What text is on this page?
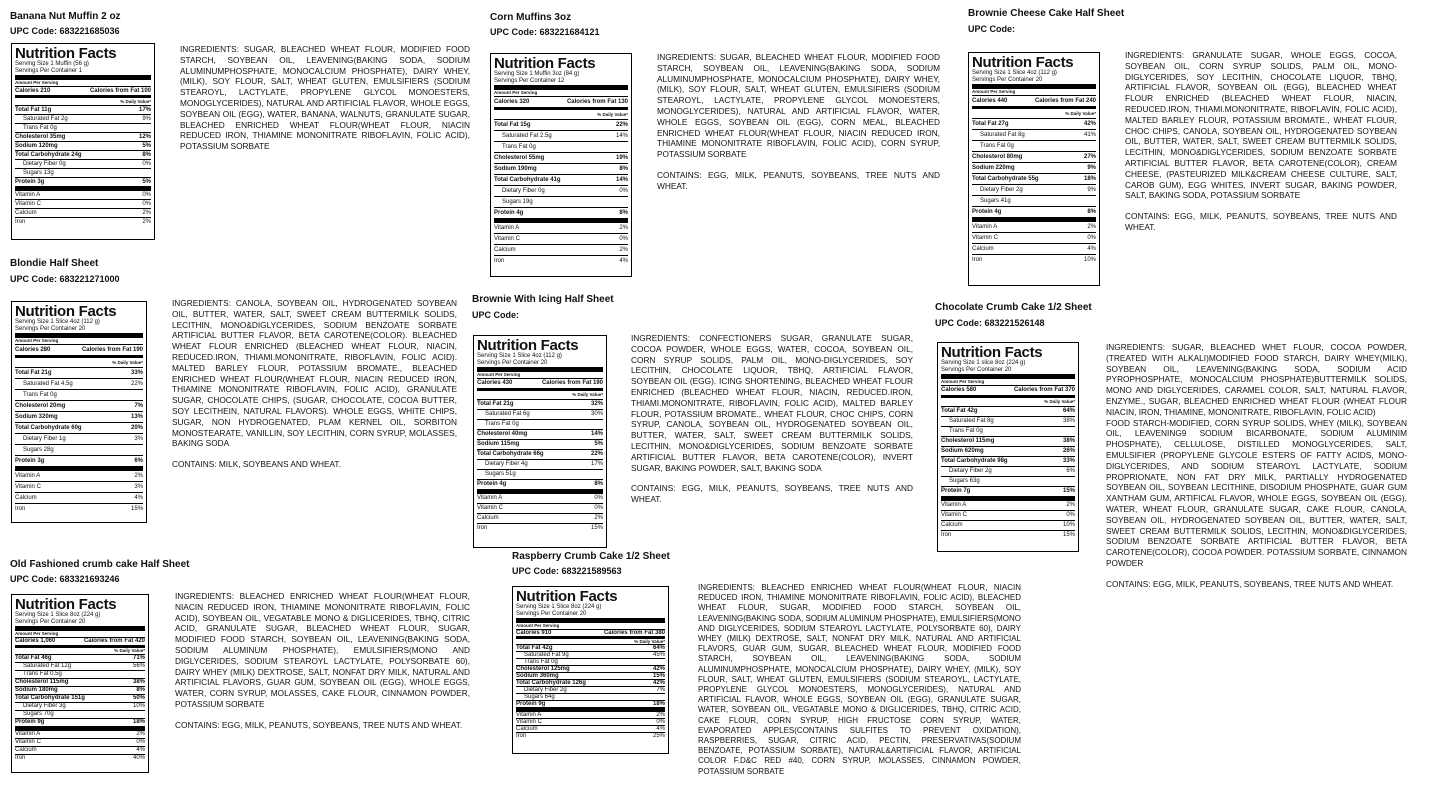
Banana Nut Muffin 2 oz
UPC Code: 683221685036
Nutrition Facts
Serving Size 1 Muffin (56 g)
Servings Per Container 1
Amount Per Serving
Calories 210	Calories from Fat 100
% Daily Value*
Total Fat 11g	17%
Saturated Fat 2g	9%
Trans Fat 0g
Cholesterol 35mg	12%
Sodium 120mg	5%
Total Carbohydrate 24g	8%
Dietary Fiber 0g	0%
Sugars 13g
Protein 3g	5%
Vitamin A	0%
Vitamin C	0%
Calcium	2%
Iron	2%

INGREDIENTS: SUGAR, BLEACHED WHEAT FLOUR, MODIFIED FOOD STARCH, SOYBEAN OIL, LEAVENING(BAKING SODA, SODIUM ALUMINUMPHOSPHATE, MONOCALCIUM PHOSPHATE), DAIRY WHEY, (MILK), SOY FLOUR, SALT, WHEAT GLUTEN, EMULSIFIERS (SODIUM STEAROYL, LACTYLATE, PROPYLENE GLYCOL MONOESTERS, MONOGLYCERIDES), NATURAL AND ARTIFICIAL FLAVOR, WHOLE EGGS, SOYBEAN OIL (EGG), WATER, BANANA, WALNUTS, GRANULATE SUGAR, BLEACHED ENRICHED WHEAT FLOUR(WHEAT FLOUR, NIACIN REDUCED IRON, THIAMINE MONONITRATE RIBOFLAVIN, FOLIC ACID), POTASSIUM SORBATE

Corn Muffins 3oz
UPC Code: 683221684121
Nutrition Facts
Serving Size 1 Muffin 3oz (84 g)
Servings Per Container 12
Amount Per Serving
Calories 320	Calories from Fat 130
% Daily Value*
Total Fat 15g	22%
Saturated Fat 2.5g	14%
Trans Fat 0g
Cholesterol 55mg	19%
Sodium 190mg	8%
Total Carbohydrate 41g	14%
Dietary Fiber 0g	0%
Sugars 19g
Protein 4g	8%
Vitamin A	2%
Vitamin C	0%
Calcium	2%
Iron	4%

INGREDIENTS: SUGAR, BLEACHED WHEAT FLOUR, MODIFIED FOOD STARCH, SOYBEAN OIL, LEAVENING(BAKING SODA, SODIUM ALUMINUMPHOSPHATE, MONOCALCIUM PHOSPHATE), DAIRY WHEY, (MILK), SOY FLOUR, SALT, WHEAT GLUTEN, EMULSIFIERS (SODIUM STEAROYL, LACTYLATE, PROPYLENE GLYCOL MONOESTERS, MONOGLYCERIDES), NATURAL AND ARTIFICIAL FLAVOR, WATER, WHOLE EGGS, SOYBEAN OIL (EGG), CORN MEAL, BLEACHED ENRICHED WHEAT FLOUR(WHEAT FLOUR, NIACIN REDUCED IRON, THIAMINE MONONITRATE RIBOFLAVIN, FOLIC ACID), CORN SYRUP, POTASSIUM SORBATE

CONTAINS: EGG, MILK, PEANUTS, SOYBEANS, TREE NUTS AND WHEAT.

Brownie Cheese Cake Half Sheet
UPC Code:
Nutrition Facts
Serving Size 1 Slice 4oz (112 g)
Servings Per Container 20
Amount Per Serving
Calories 440	Calories from Fat 240
% Daily Value*
Total Fat 27g	42%
Saturated Fat 8g	41%
Trans Fat 0g
Cholesterol 80mg	27%
Sodium 220mg	9%
Total Carbohydrate 55g	18%
Dietary Fiber 2g	9%
Sugars 41g
Protein 4g	8%
Vitamin A	2%
Vitamin C	0%
Calcium	4%
Iron	10%

INGREDIENTS: GRANULATE SUGAR, WHOLE EGGS, COCOA, SOYBEAN OIL, CORN SYRUP SOLIDS, PALM OIL, MONO-DIGLYCERIDES, SOY LECITHIN, CHOCOLATE LIQUOR, TBHQ, ARTIFICIAL FLAVOR, SOYBEAN OIL (EGG), BLEACHED WHEAT FLOUR ENRICHED (BLEACHED WHEAT FLOUR, NIACIN, REDUCED.IRON, THIAMI.MONONITRATE, RIBOFLAVIN, FOLIC ACID), MALTED BARLEY FLOUR, POTASSIUM BROMATE., WHEAT FLOUR, CHOC CHIPS, CANOLA, SOYBEAN OIL, HYDROGENATED SOYBEAN OIL, BUTTER, WATER, SALT, SWEET CREAM BUTTERMILK SOLIDS, LECITHIN, MONO&DIGLYCERIDES, SODIUM BENZOATE SORBATE ARTIFICIAL BUTTER FLAVOR, BETA CAROTENE(COLOR), CREAM CHEESE, (PASTEURIZED MILK&CREAM CHEESE CULTURE, SALT, CAROB GUM), EGG WHITES, INVERT SUGAR, BAKING POWDER, SALT, BAKING SODA, POTASSIUM SORBATE

CONTAINS: EGG, MILK, PEANUTS, SOYBEANS, TREE NUTS AND WHEAT.

Blondie Half Sheet
UPC Code: 683221271000
Nutrition Facts
Serving Size 1 Slice 4oz (112 g)
Servings Per Container 20
Amount Per Serving
Calories 280	Calories from Fat 190
% Daily Value*
Total Fat 21g	33%
Saturated Fat 4.5g	22%
Trans Fat 0g
Cholesterol 20mg	7%
Sodium 320mg	13%
Total Carbohydrate 60g	20%
Dietary Fiber 1g	3%
Sugars 28g
Protein 3g	6%
Vitamin A	2%
Vitamin C	3%
Calcium	4%
Iron	15%

INGREDIENTS: CANOLA, SOYBEAN OIL, HYDROGENATED SOYBEAN OIL, BUTTER, WATER, SALT, SWEET CREAM BUTTERMILK SOLIDS, LECITHIN, MONO&DIGLYCERIDES, SODIUM BENZOATE SORBATE ARTIFICIAL BUTTER FLAVOR, BETA CAROTENE(COLOR). BLEACHED WHEAT FLOUR ENRICHED (BLEACHED WHEAT FLOUR, NIACIN, REDUCED.IRON, THIAMI.MONONITRATE, RIBOFLAVIN, FOLIC ACID). MALTED BARLEY FLOUR, POTASSIUM BROMATE., BLEACHED ENRICHED WHEAT FLOUR(WHEAT FLOUR, NIACIN REDUCED IRON, THIAMINE MONONITRATE RIBOFLAVIN, FOLIC ACID), GRANULATE SUGAR, CHOCOLATE CHIPS, (SUGAR, CHOCOLATE, COCOA BUTTER, SOY LECITHEIN, NATURAL FLAVORS). WHOLE EGGS, WHITE CHIPS, SUGAR, NON HYDROGENATED, PLAM KERNEL OIL, SORBITON MONOSTEARATE, VANILLIN, SOY LECITHIN, CORN SYRUP, MOLASSES, BAKING SODA

CONTAINS: MILK, SOYBEANS AND WHEAT.

Brownie With Icing Half Sheet
UPC Code:
Nutrition Facts
Serving Size 1 Slice 4oz (112 g)
Servings Per Container 20
Amount Per Serving
Calories 430	Calories from Fat 190
% Daily Value*
Total Fat 21g	32%
Saturated Fat 6g	30%
Trans Fat 0g
Cholesterol 40mg	14%
Sodium 115mg	5%
Total Carbohydrate 66g	22%
Dietary Fiber 4g	17%
Sugars 51g
Protein 4g	8%
Vitamin A	0%
Vitamin C	0%
Calcium	2%
Iron	15%

INGREDIENTS: CONFECTIONERS SUGAR, GRANULATE SUGAR, COCOA POWDER, WHOLE EGGS, WATER, COCOA, SOYBEAN OIL, CORN SYRUP SOLIDS, PALM OIL, MONO-DIGLYCERIDES, SOY LECITHIN, CHOCOLATE LIQUOR, TBHQ, ARTIFICIAL FLAVOR, SOYBEAN OIL (EGG). ICING SHORTENING, BLEACHED WHEAT FLOUR ENRICHED (BLEACHED WHEAT FLOUR, NIACIN, REDUCED.IRON, THIAMI.MONONITRATE, RIBOFLAVIN, FOLIC ACID), MALTED BARLEY FLOUR, POTASSIUM BROMATE., WHEAT FLOUR, CHOC CHIPS, CORN SYRUP, CANOLA, SOYBEAN OIL, HYDROGENATED SOYBEAN OIL, BUTTER, WATER, SALT, SWEET CREAM BUTTERMILK SOLIDS, LECITHIN, MONO&DIGLYCERIDES, SODIUM BENZOATE SORBATE ARTIFICIAL BUTTER FLAVOR, BETA CAROTENE(COLOR), INVERT SUGAR, BAKING POWDER, SALT, BAKING SODA

CONTAINS: EGG, MILK, PEANUTS, SOYBEANS, TREE NUTS AND WHEAT.

Chocolate Crumb Cake 1/2 Sheet
UPC Code: 683221526148
Nutrition Facts
Serving Size 1 slice 8oz (224 g)
Servings Per Container 20
Amount Per Serving
Calories 580	Calories from Fat 370
% Daily Value*
Total Fat 42g	64%
Saturated Fat 8g	38%
Trans Fat 0g
Cholesterol 115mg	38%
Sodium 620mg	26%
Total Carbohydrate 98g	33%
Dietary Fiber 2g	6%
Sugars 63g
Protein 7g	15%
Vitamin A	2%
Vitamin C	0%
Calcium	10%
Iron	15%

INGREDIENTS: SUGAR, BLEACHED WHET FLOUR, COCOA POWDER, (TREATED WITH ALKALI)MODIFIED FOOD STARCH, DAIRY WHEY(MILK), SOYBEAN OIL, LEAVENING(BAKING SODA, SODIUM ACID PYROPHOSPHATE, MONOCALCIUM PHOSPHATE)BUTTERMILK SOLIDS, MONO AND DIGLYCERIDES, CARAMEL COLOR, SALT, NATURAL FLAVOR, ENZYME., SUGAR, BLEACHED ENRICHED WHEAT FLOUR (WHEAT FLOUR NIACIN, IRON, THIAMINE, MONONITRATE, RIBOFLAVIN, FOLIC ACID)

FOOD STARCH-MODIFIED, CORN SYRUP SOLIDS, WHEY (MILK), SOYBEAN OIL, LEAVENING9 SODIUM BICARBONATE, SODIUM ALUMINIM PHOSPHATE), CELLULOSE, DISTILLED MONOGLYCERIDES, SALT, EMULSIFIER (PROPYLENE GLYCOLE ESTERS OF FATTY ACIDS, MONO-DIGLYCERIDES, AND SODIUM STEAROYL LACTYLATE, SODIUM PROPRIONATE, NON FAT DRY MILK, PARTIALLY HYDROGENATED SOYBEAN OIL, SOYBEAN LECITHINE, DISODIUM PHOSPHATE, GUAR GUM XANTHAM GUM, ARTIFICAL FLAVOR, WHOLE EGGS, SOYBEAN OIL (EGG), WATER, WHEAT FLOUR, GRANULATE SUGAR, CAKE FLOUR, CANOLA, SOYBEAN OIL, HYDROGENATED SOYBEAN OIL, BUTTER, WATER, SALT, SWEET CREAM BUTTERMILK SOLIDS, LECITHIN, MONO&DIGLYCERIDES, SODIUM BENZOATE SORBATE ARTIFICIAL BUTTER FLAVOR, BETA CAROTENE(COLOR), COCOA POWDER. POTASSIUM SORBATE, CINNAMON POWDER

CONTAINS: EGG, MILK, PEANUTS, SOYBEANS, TREE NUTS AND WHEAT.

Old Fashioned crumb cake Half Sheet
UPC Code: 683321693246
Nutrition Facts
Serving Size 1 Slice 8oz (224 g)
Servings Per Container 20
Amount Per Serving
Calories 1,060	Calories from Fat 420
% Daily Value*
Total Fat 46g	71%
Saturated Fat 12g	56%
Trans Fat 0.5g
Cholesterol 115mg	38%
Sodium 180mg	8%
Total Carbohydrate 151g	50%
Dietary Fiber 3g	10%
Sugars 70g
Protein 9g	18%
Vitamin A	2%
Vitamin C	0%
Calcium	4%
Iron	40%

INGREDIENTS: BLEACHED ENRICHED WHEAT FLOUR(WHEAT FLOUR, NIACIN REDUCED IRON, THIAMINE MONONITRATE RIBOFLAVIN, FOLIC ACID), SOYBEAN OIL, VEGATABLE MONO & DIGLICERIDES, TBHQ, CITRIC ACID, GRANULATE SUGAR, BLEACHED WHEAT FLOUR, SUGAR, MODIFIED FOOD STARCH, SOYBEAN OIL, LEAVENING(BAKING SODA, SODIUM ALUMINUM PHOSPHATE), EMULSIFIERS(MONO AND DIGLYCERIDES, SODIUM STEAROYL LACTYLATE, POLYSORBATE 60), DAIRY WHEY (MILK) DEXTROSE, SALT, NONFAT DRY MILK, NATURAL AND ARTIFICIAL FLAVORS, GUAR GUM, SOYBEAN OIL (EGG), WHOLE EGGS, WATER, CORN SYRUP, MOLASSES, CAKE FLOUR, CINNAMON POWDER, POTASSIUM SORBATE

CONTAINS: EGG, MILK, PEANUTS, SOYBEANS, TREE NUTS AND WHEAT.

Raspberry Crumb Cake 1/2 Sheet
UPC Code: 683221589563
Nutrition Facts
Serving Size 1 Slice 8oz (224 g)
Servings Per Container 20
Amount Per Serving
Calories 910	Calories from Fat 380
% Daily Value*
Total Fat 42g	64%
Saturated Fat 9g	45%
Trans Fat 0g
Cholesterol 125mg	42%
Sodium 360mg	15%
Total Carbohydrate 126g	42%
Dietary Fiber 2g	7%
Sugars 64g
Protein 9g	18%
Vitamin A	2%
Vitamin C	0%
Calcium	4%
Iron	25%

INGREDIENTS: BLEACHED ENRICHED WHEAT FLOUR(WHEAT FLOUR, NIACIN REDUCED IRON, THIAMINE MONONITRATE RIBOFLAVIN, FOLIC ACID), BLEACHED WHEAT FLOUR, SUGAR, MODIFIED FOOD STARCH, SOYBEAN OIL, LEAVENING(BAKING SODA, SODIUM ALUMINUM PHOSPHATE), EMULSIFIERS(MONO AND DIGLYCERIDES, SODIUM STEAROYL LACTYLATE, POLYSORBATE 60), DAIRY WHEY (MILK) DEXTROSE, SALT, NONFAT DRY MILK, NATURAL AND ARTIFICIAL FLAVORS, GUAR GUM, SUGAR, BLEACHED WHEAT FLOUR, MODIFIED FOOD STARCH, SOYBEAN OIL, LEAVENING(BAKING SODA, SODIUM ALUMINUMPHOSPHATE, MONOCALCIUM PHOSPHATE), DAIRY WHEY, (MILK), SOY FLOUR, SALT, WHEAT GLUTEN, EMULSIFIERS (SODIUM STEAROYL, LACTYLATE, PROPYLENE GLYCOL MONOESTERS, MONOGLYCERIDES), NATURAL AND ARTIFICIAL FLAVOR, WHOLE EGGS, SOYBEAN OIL (EGG), GRANULATE SUGAR, WATER, SOYBEAN OIL, VEGATABLE MONO & DIGLICERIDES, TBHQ, CITRIC ACID, CAKE FLOUR, CORN SYRUP, HIGH FRUCTOSE CORN SYRUP, WATER, EVAPORATED APPLES(CONTAINS SULFITES TO PREVENT OXIDATION), RASPBERRIES, SUGAR, CITRIC ACID, PECTIN, PRESERVATIVAS(SODIUM BENZOATE, POTASSIUM SORBATE), NATURAL&ARTIFICIAL FLAVOR, ARTIFICIAL COLOR F.D&C RED #40, CORN SYRUP, MOLASSES, CINNAMON POWDER, POTASSIUM SORBATE
